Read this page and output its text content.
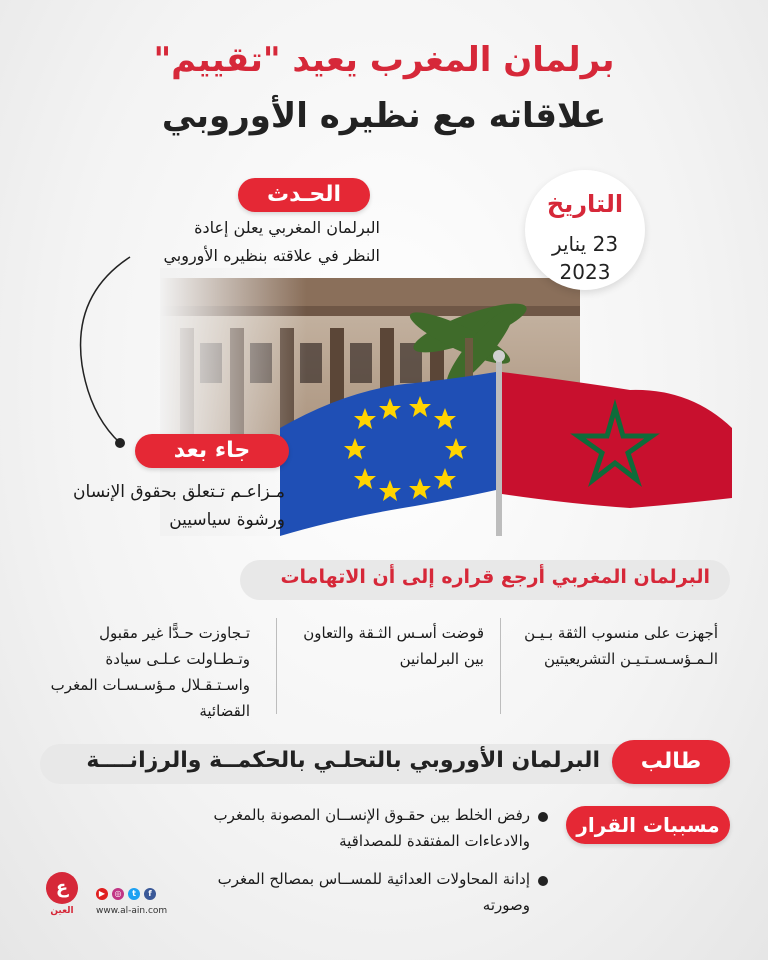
برلمان المغرب يعيد "تقييم"
علاقاته مع نظيره الأوروبي
الحـدث
البرلمان المغربي يعلن إعادة النظر في علاقته بنظيره الأوروبي
التاريخ
23 يناير
2023
جاء بعد
مـزاعـم تـتعلق بحقوق الإنسان ورشوة سياسيين
البرلمان المغربي أرجع قراره إلى أن الاتهامات
أجهزت على منسوب الثقة بـيـن الـمـؤسـسـتـيـن التشريعيتين
قوضت أسـس الثـقة والتعاون بين البرلمانين
تـجاوزت حـدًّا غير مقبول وتـطـاولت عـلـى سيادة واسـتـقـلال مـؤسـسـات المغرب القضائية
طالب
البرلمان الأوروبي بالتحلـي بالحكمــة والرزانــــة
مسببات القرار
رفض الخلط بين حقـوق الإنســان المصونة بالمغرب والادعاءات المفتقدة للمصداقية
إدانة المحاولات العدائية للمســاس بمصالح المغرب وصورته
ع
العين
▶	◎	t	f
www.al-ain.com
